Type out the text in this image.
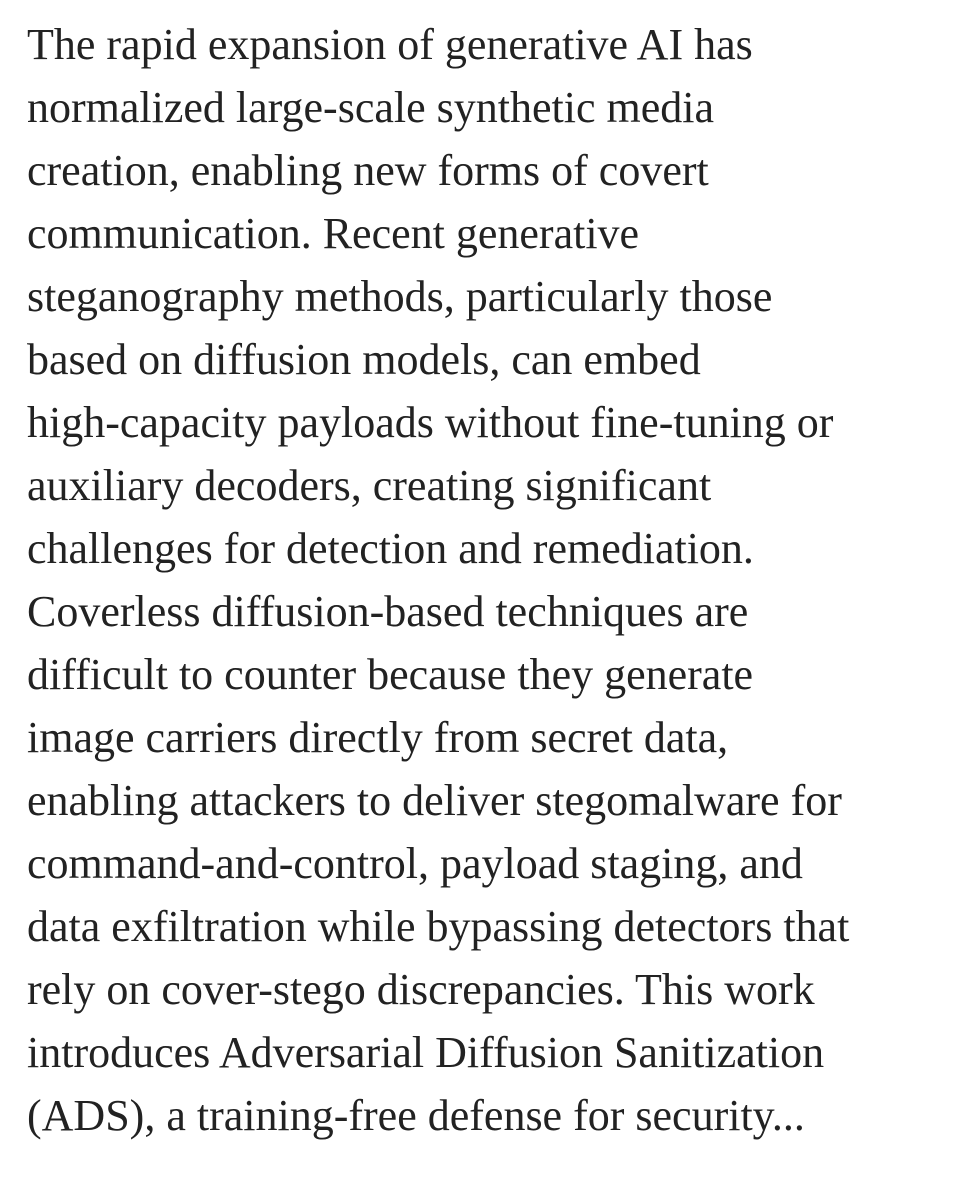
The rapid expansion of generative AI has
normalized large-scale synthetic media
creation, enabling new forms of covert
communication. Recent generative
steganography methods, particularly those
based on diffusion models, can embed
high-capacity payloads without fine-tuning or
auxiliary decoders, creating significant
challenges for detection and remediation.
Coverless diffusion-based techniques are
difficult to counter because they generate
image carriers directly from secret data,
enabling attackers to deliver stegomalware for
command-and-control, payload staging, and
data exfiltration while bypassing detectors that
rely on cover-stego discrepancies. This work
introduces Adversarial Diffusion Sanitization
(ADS), a training-free defense for security...
